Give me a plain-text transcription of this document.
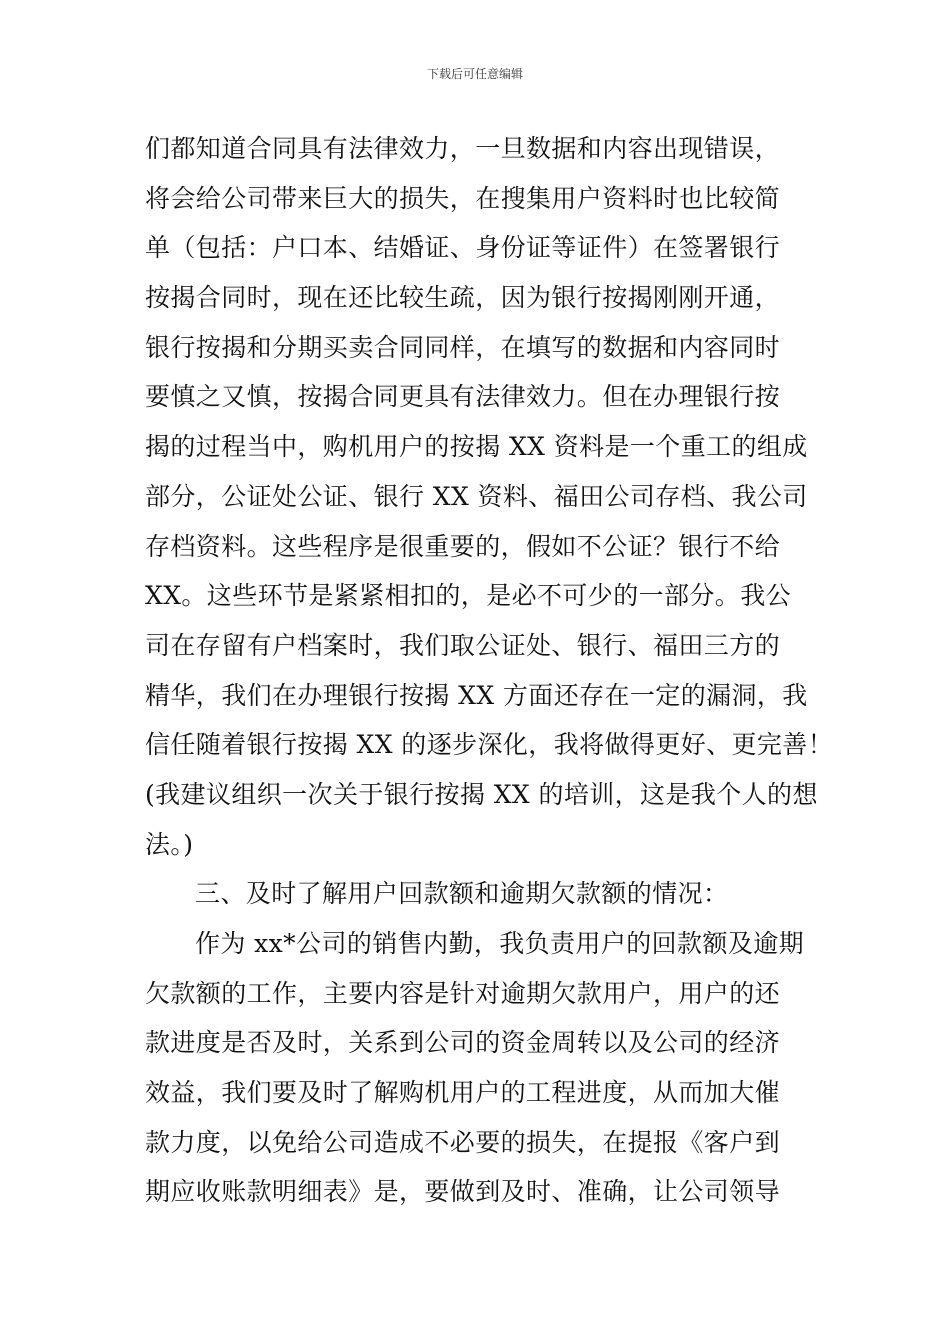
下载后可任意编辑
们都知道合同具有法律效力，一旦数据和内容出现错误，
将会给公司带来巨大的损失，在搜集用户资料时也比较简
单（包括：户口本、结婚证、身份证等证件）在签署银行
按揭合同时，现在还比较生疏，因为银行按揭刚刚开通，
银行按揭和分期买卖合同同样，在填写的数据和内容同时
要慎之又慎，按揭合同更具有法律效力。但在办理银行按
揭的过程当中，购机用户的按揭 XX 资料是一个重工的组成
部分，公证处公证、银行 XX 资料、福田公司存档、我公司
存档资料。这些程序是很重要的，假如不公证？银行不给
XX。这些环节是紧紧相扣的，是必不可少的一部分。我公
司在存留有户档案时，我们取公证处、银行、福田三方的
精华，我们在办理银行按揭 XX 方面还存在一定的漏洞，我
信任随着银行按揭 XX 的逐步深化，我将做得更好、更完善！
(我建议组织一次关于银行按揭 XX 的培训，这是我个人的想
法。)
三、及时了解用户回款额和逾期欠款额的情况：
作为 xx*公司的销售内勤，我负责用户的回款额及逾期
欠款额的工作，主要内容是针对逾期欠款用户，用户的还
款进度是否及时，关系到公司的资金周转以及公司的经济
效益，我们要及时了解购机用户的工程进度，从而加大催
款力度，以免给公司造成不必要的损失，在提报《客户到
期应收账款明细表》是，要做到及时、准确，让公司领导
